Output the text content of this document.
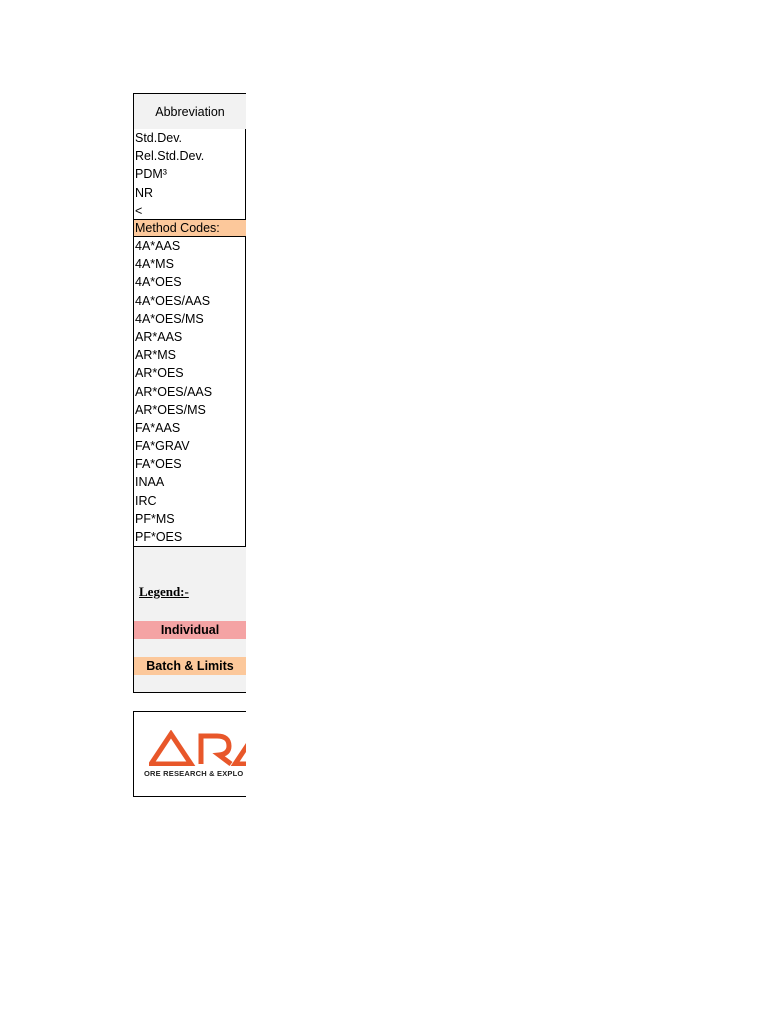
Abbreviation
Std.Dev.
Rel.Std.Dev.
PDM³
NR
<
Method Codes:
4A*AAS
4A*MS
4A*OES
4A*OES/AAS
4A*OES/MS
AR*AAS
AR*MS
AR*OES
AR*OES/AAS
AR*OES/MS
FA*AAS
FA*GRAV
FA*OES
INAA
IRC
PF*MS
PF*OES
Legend:-
Individual
Batch & Limits
ORE RESEARCH & EXPLO
